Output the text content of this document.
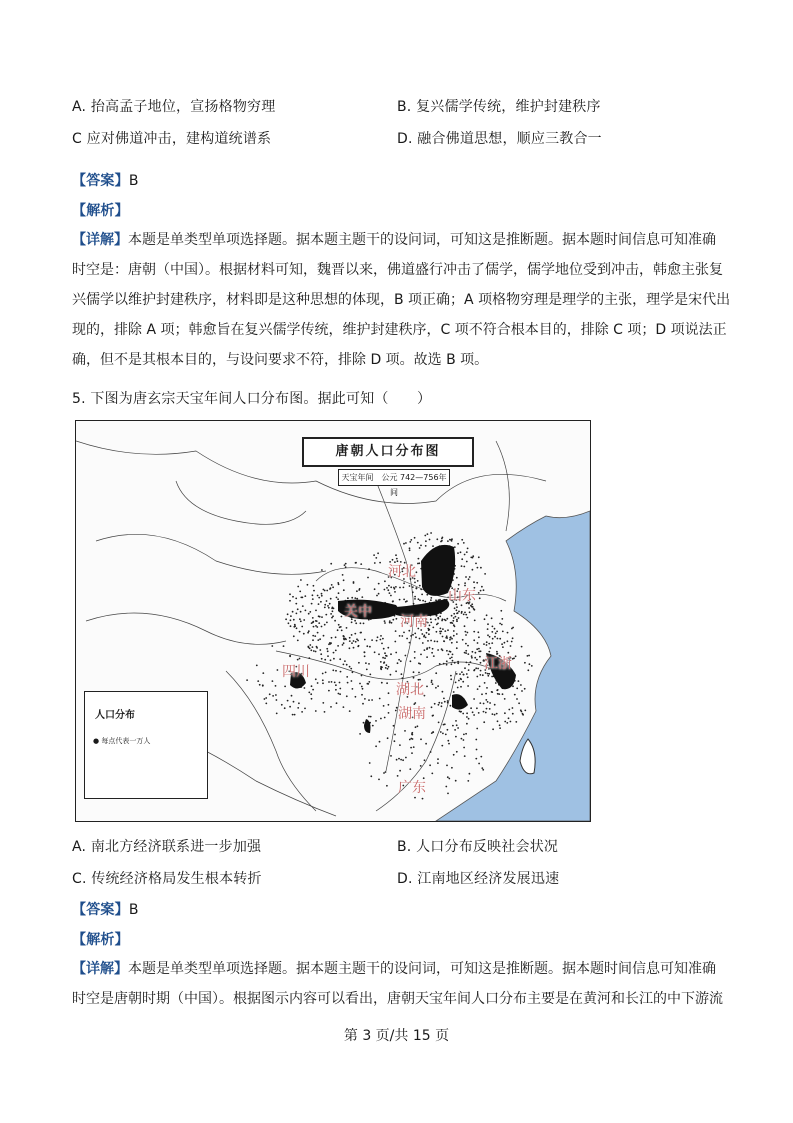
A. 抬高孟子地位，宣扬格物穷理	B. 复兴儒学传统，维护封建秩序
C 应对佛道冲击，建构道统谱系	D. 融合佛道思想，顺应三教合一
【答案】B
【解析】
【详解】本题是单类型单项选择题。据本题主题干的设问词，可知这是推断题。据本题时间信息可知准确
时空是：唐朝（中国）。根据材料可知，魏晋以来，佛道盛行冲击了儒学，儒学地位受到冲击，韩愈主张复
兴儒学以维护封建秩序，材料即是这种思想的体现，B 项正确；A 项格物穷理是理学的主张，理学是宋代出
现的，排除 A 项；韩愈旨在复兴儒学传统，维护封建秩序，C 项不符合根本目的，排除 C 项；D 项说法正
确，但不是其根本目的，与设问要求不符，排除 D 项。故选 B 项。
5. 下图为唐玄宗天宝年间人口分布图。据此可知（　　）
唐朝人口分布图
天宝年间　公元 742—756年间
河北
山东
关中
河南
四川	江浙
湖北
湖南
广东
人口分布
● 每点代表一万人
A. 南北方经济联系进一步加强	B. 人口分布反映社会状况
C. 传统经济格局发生根本转折	D. 江南地区经济发展迅速
【答案】B
【解析】
【详解】本题是单类型单项选择题。据本题主题干的设问词，可知这是推断题。据本题时间信息可知准确
时空是唐朝时期（中国）。根据图示内容可以看出，唐朝天宝年间人口分布主要是在黄河和长江的中下游流
第 3 页/共 15 页
